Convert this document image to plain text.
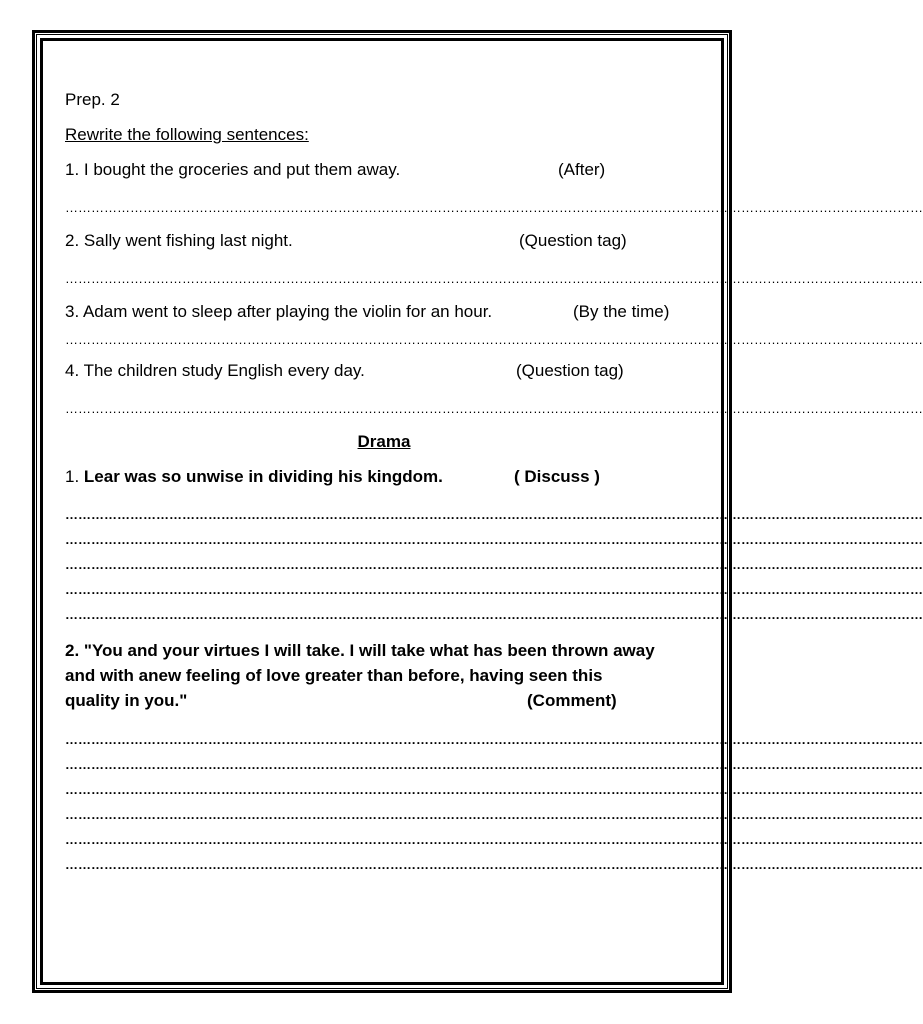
Prep. 2
Rewrite the following sentences:
1. I bought the groceries and put them away.	(After)
………………………………………………………………………………………………………………………………………………………………………………
2. Sally went fishing last night.	(Question tag)
………………………………………………………………………………………………………………………………………………………………………………
3. Adam went to sleep after playing the violin for an hour.	(By the time)
………………………………………………………………………………………………………………………………………………………………………………
4. The children study English every day.	(Question tag)
………………………………………………………………………………………………………………………………………………………………………………
Drama
1. Lear was so unwise in dividing his kingdom.	( Discuss )
………………………………………………………………………………………………………………………………………………………………………………
………………………………………………………………………………………………………………………………………………………………………………
………………………………………………………………………………………………………………………………………………………………………………
………………………………………………………………………………………………………………………………………………………………………………
………………………………………………………………………………………………………………………………………………………………………………
2. "You and your virtues I will take. I will take what has been thrown away
and with anew feeling of love greater than before, having seen this
quality in you."	(Comment)
………………………………………………………………………………………………………………………………………………………………………………
………………………………………………………………………………………………………………………………………………………………………………
………………………………………………………………………………………………………………………………………………………………………………
………………………………………………………………………………………………………………………………………………………………………………
………………………………………………………………………………………………………………………………………………………………………………
………………………………………………………………………………………………………………………………………………………………………………
